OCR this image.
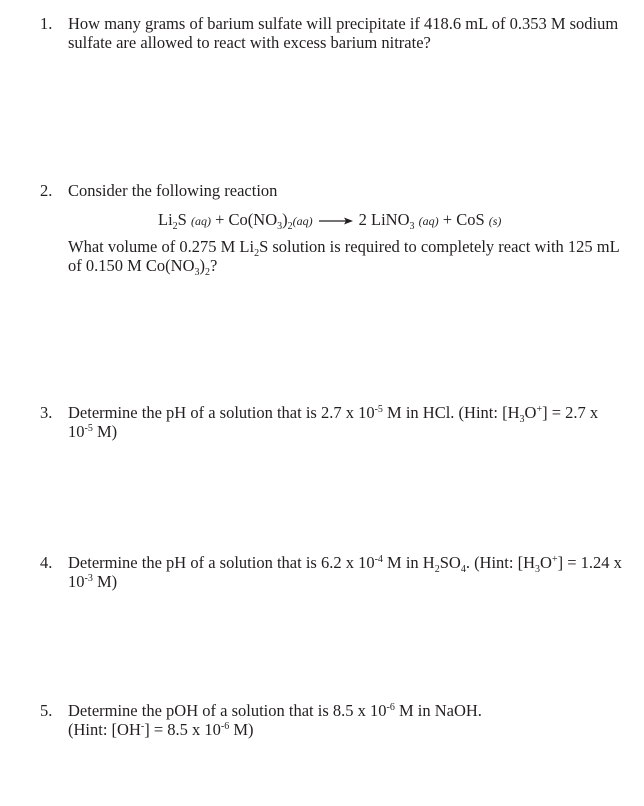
1. How many grams of barium sulfate will precipitate if 418.6 mL of 0.353 M sodium
sulfate are allowed to react with excess barium nitrate?
2. Consider the following reaction
$Li_2S$ $(aq) + Co(NO_3)_2(aq) \to 2$ LiNO$_3$ (aq) + CoS (s)
What volume of 0.275 M $Li_2S$ solution is required to completely react with 125 mL
of 0.150 M $Co(NO_3)_2$?
3. Determine the pH of a solution that is 2.7 x $10^{-5}$ M in HCl. (Hint: $[H_3O^+] = 2.7$ x
$10^{-5}$ M)
4. Determine the pH of a solution that is 6.2 x $10^{-4}$ M in $H_2SO_4$. (Hint: $[H_3O^+] = 1.24$ x
$10^{-3}$ M)
5. Determine the pOH of a solution that is 8.5 x $10^{-6}$ M in NaOH.
(Hint: [OH-] = 8.5 x $10^{-6}$ M)
